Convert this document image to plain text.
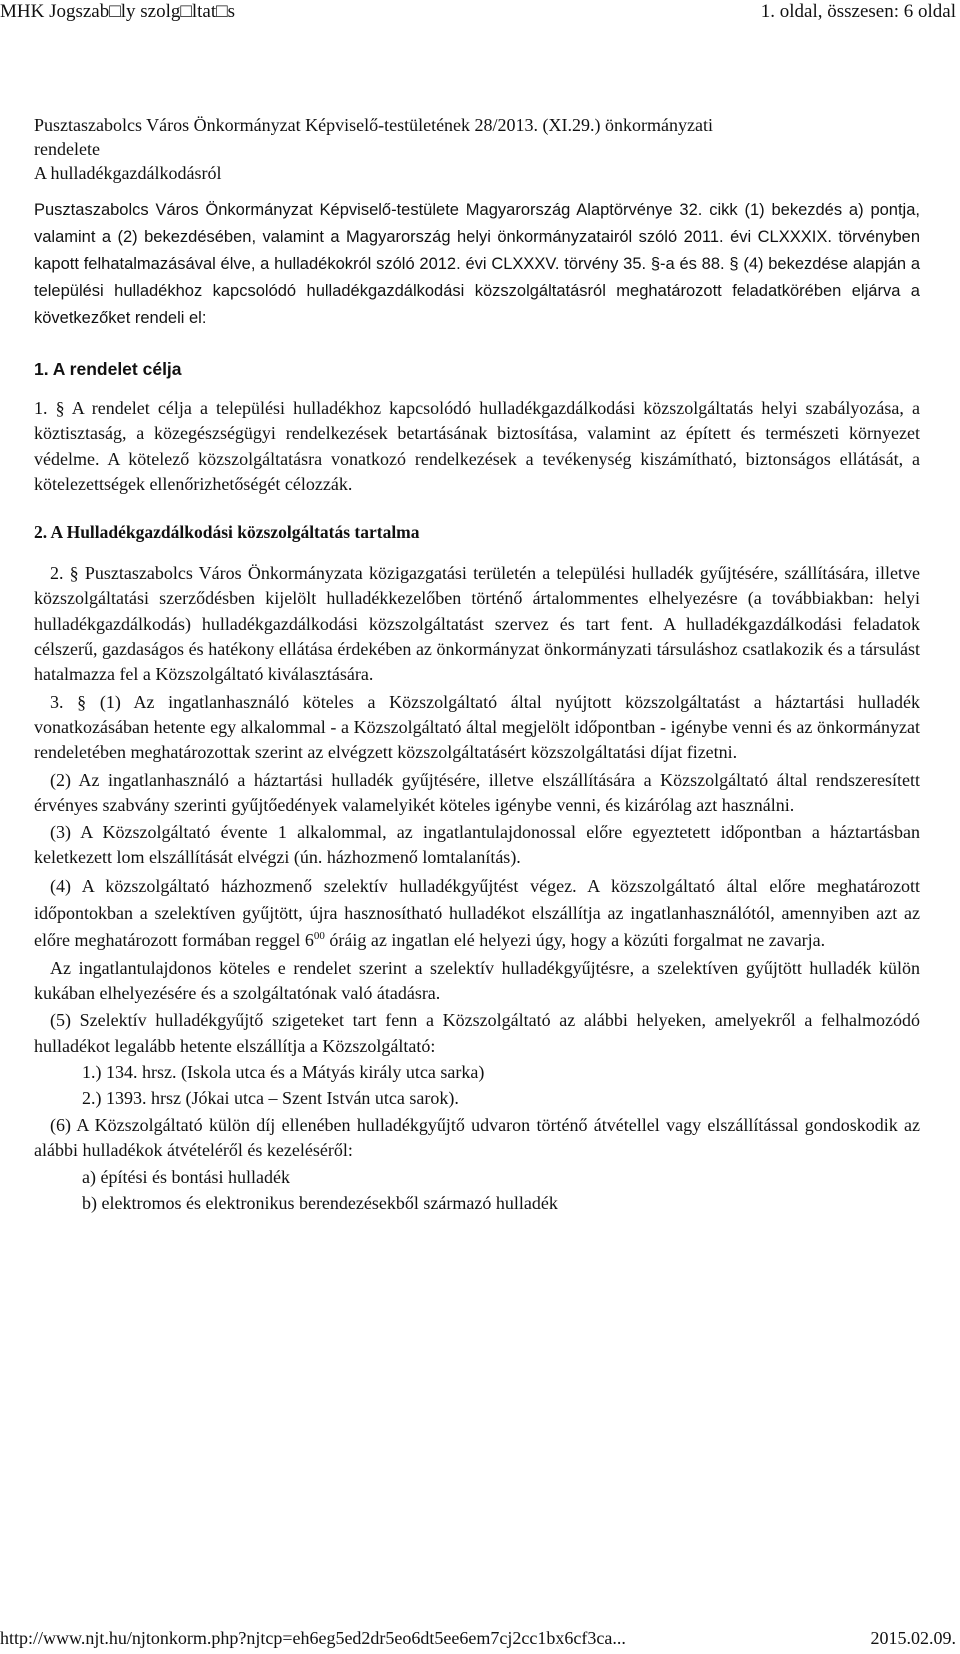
MHK Jogszab□ly szolg□ltat□s	1. oldal, összesen: 6 oldal

Pusztaszabolcs Város Önkormányzat Képviselő-testületének 28/2013. (XI.29.) önkormányzati

rendelete

A hulladékgazdálkodásról

Pusztaszabolcs Város Önkormányzat Képviselő-testülete Magyarország Alaptörvénye 32. cikk (1) bekezdés a) pontja, valamint a (2) bekezdésében, valamint a Magyarország helyi önkormányzatairól szóló 2011. évi CLXXXIX. törvényben kapott felhatalmazásával élve, a hulladékokról szóló 2012. évi CLXXXV. törvény 35. §-a és 88. § (4) bekezdése alapján a települési hulladékhoz kapcsolódó hulladékgazdálkodási közszolgáltatásról meghatározott feladatkörében eljárva a következőket rendeli el:

1. A rendelet célja

1. § A rendelet célja a települési hulladékhoz kapcsolódó hulladékgazdálkodási közszolgáltatás helyi szabályozása, a köztisztaság, a közegészségügyi rendelkezések betartásának biztosítása, valamint az épített és természeti környezet védelme. A kötelező közszolgáltatásra vonatkozó rendelkezések a tevékenység kiszámítható, biztonságos ellátását, a kötelezettségek ellenőrizhetőségét célozzák.

2. A Hulladékgazdálkodási közszolgáltatás tartalma

2. § Pusztaszabolcs Város Önkormányzata közigazgatási területén a települési hulladék gyűjtésére, szállítására, illetve közszolgáltatási szerződésben kijelölt hulladékkezelőben történő ártalommentes elhelyezésre (a továbbiakban: helyi hulladékgazdálkodás) hulladékgazdálkodási közszolgáltatást szervez és tart fent. A hulladékgazdálkodási feladatok célszerű, gazdaságos és hatékony ellátása érdekében az önkormányzat önkormányzati társuláshoz csatlakozik és a társulást hatalmazza fel a Közszolgáltató kiválasztására.

3. § (1) Az ingatlanhasználó köteles a Közszolgáltató által nyújtott közszolgáltatást a háztartási hulladék vonatkozásában hetente egy alkalommal - a Közszolgáltató által megjelölt időpontban - igénybe venni és az önkormányzat rendeletében meghatározottak szerint az elvégzett közszolgáltatásért közszolgáltatási díjat fizetni.

(2) Az ingatlanhasználó a háztartási hulladék gyűjtésére, illetve elszállítására a Közszolgáltató által rendszeresített érvényes szabvány szerinti gyűjtőedények valamelyikét köteles igénybe venni, és kizárólag azt használni.

(3) A Közszolgáltató évente 1 alkalommal, az ingatlantulajdonossal előre egyeztetett időpontban a háztartásban keletkezett lom elszállítását elvégzi (ún. házhozmenő lomtalanítás).

(4) A közszolgáltató házhozmenő szelektív hulladékgyűjtést végez. A közszolgáltató által előre meghatározott időpontokban a szelektíven gyűjtött, újra hasznosítható hulladékot elszállítja az ingatlanhasználótól, amennyiben azt az előre meghatározott formában reggel $6^{00}$ óráig az ingatlan elé helyezi úgy, hogy a közúti forgalmat ne zavarja.

Az ingatlantulajdonos köteles e rendelet szerint a szelektív hulladékgyűjtésre, a szelektíven gyűjtött hulladék külön kukában elhelyezésére és a szolgáltatónak való átadásra.

(5) Szelektív hulladékgyűjtő szigeteket tart fenn a Közszolgáltató az alábbi helyeken, amelyekről a felhalmozódó hulladékot legalább hetente elszállítja a Közszolgáltató:

1.) 134. hrsz. (Iskola utca és a Mátyás király utca sarka)

2.) 1393. hrsz (Jókai utca – Szent István utca sarok).

(6) A Közszolgáltató külön díj ellenében hulladékgyűjtő udvaron történő átvétellel vagy elszállítással gondoskodik az alábbi hulladékok átvételéről és kezeléséről:

a) építési és bontási hulladék

b) elektromos és elektronikus berendezésekből származó hulladék

http://www.njt.hu/njtonkorm.php?njtcp=eh6eg5ed2dr5eo6dt5ee6em7cj2cc1bx6cf3ca...	2015.02.09.
